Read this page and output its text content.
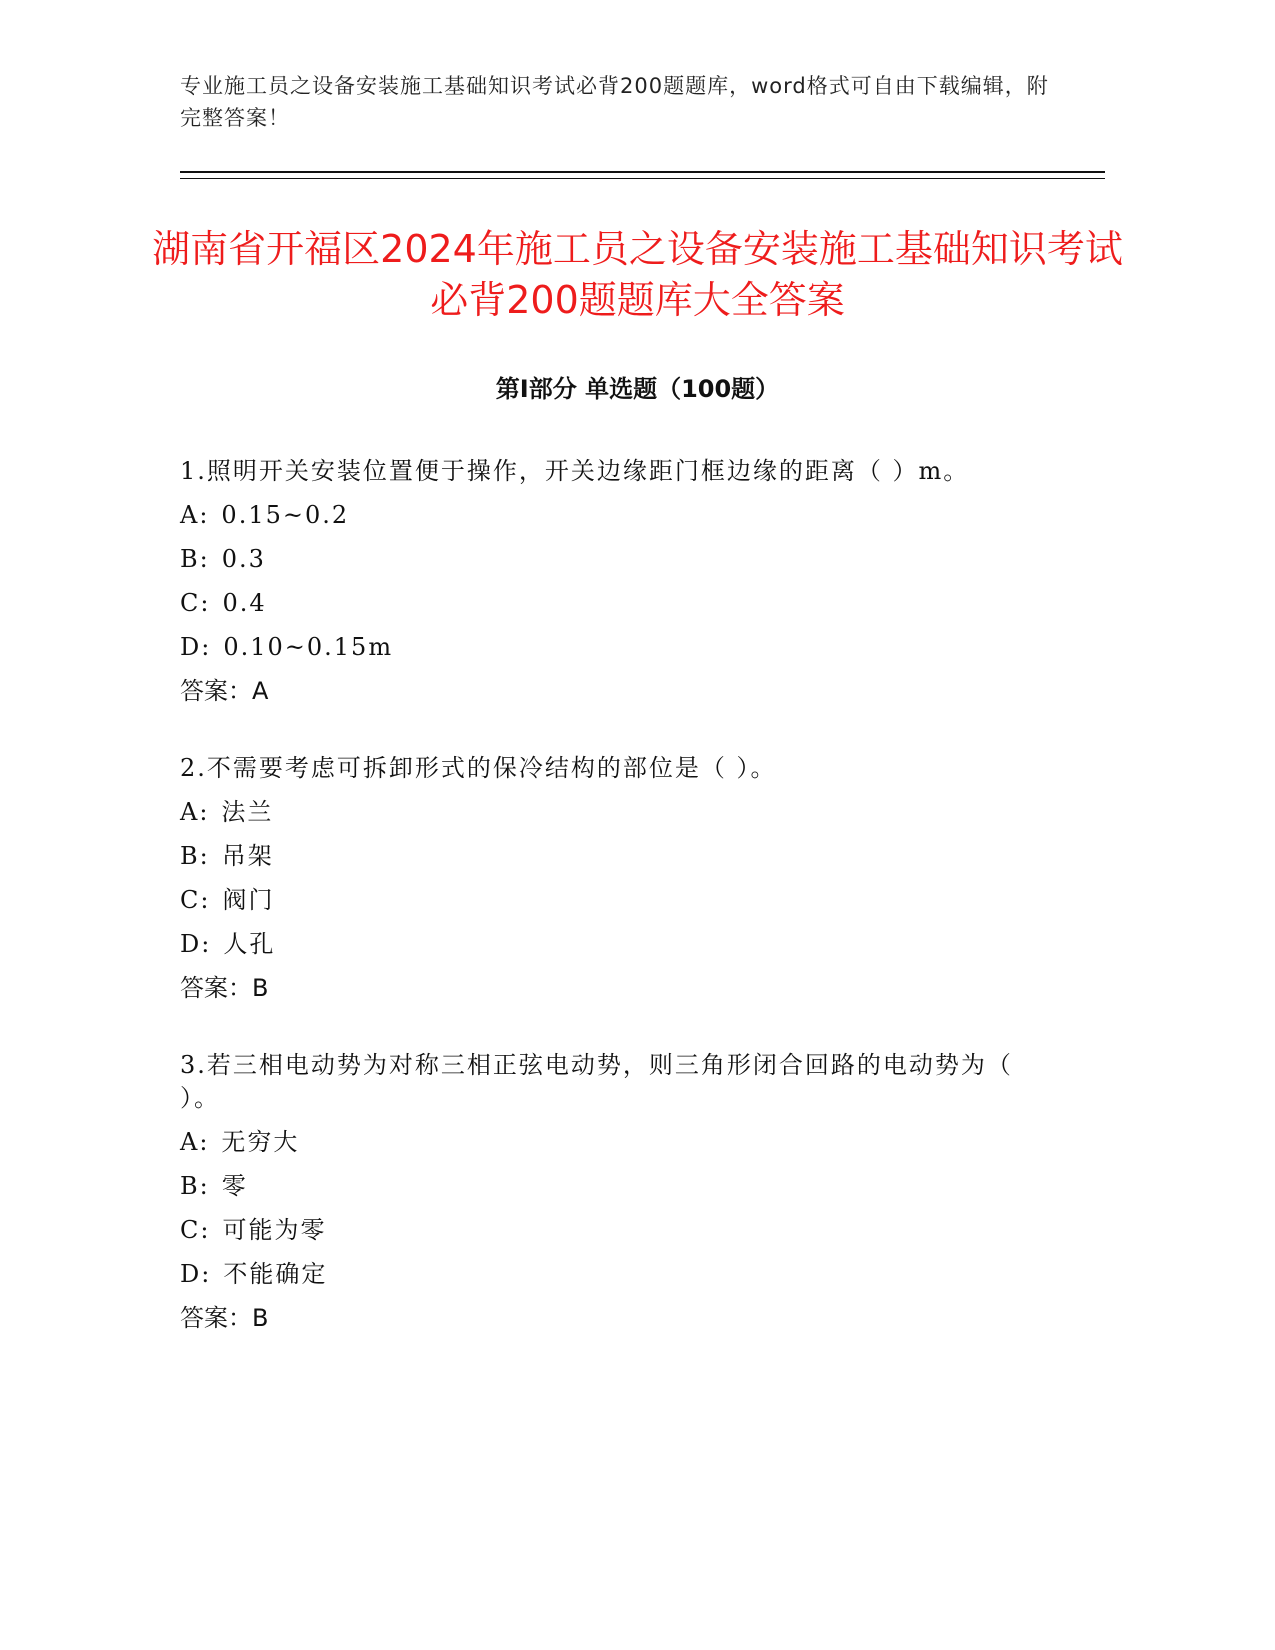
专业施工员之设备安装施工基础知识考试必背200题题库，word格式可自由下载编辑，附完整答案！

湖南省开福区2024年施工员之设备安装施工基础知识考试必背200题题库大全答案
第Ⅰ部分 单选题（100题）

1.照明开关安装位置便于操作，开关边缘距门框边缘的距离（ ）m。

A: 0.15~0.2
B: 0.3
C: 0.4
D: 0.10~0.15m
答案：A

2.不需要考虑可拆卸形式的保冷结构的部位是（ ）。

A: 法兰
B: 吊架
C: 阀门
D: 人孔
答案：B

3.若三相电动势为对称三相正弦电动势，则三角形闭合回路的电动势为（ ）。

A: 无穷大
B: 零
C: 可能为零
D: 不能确定
答案：B
